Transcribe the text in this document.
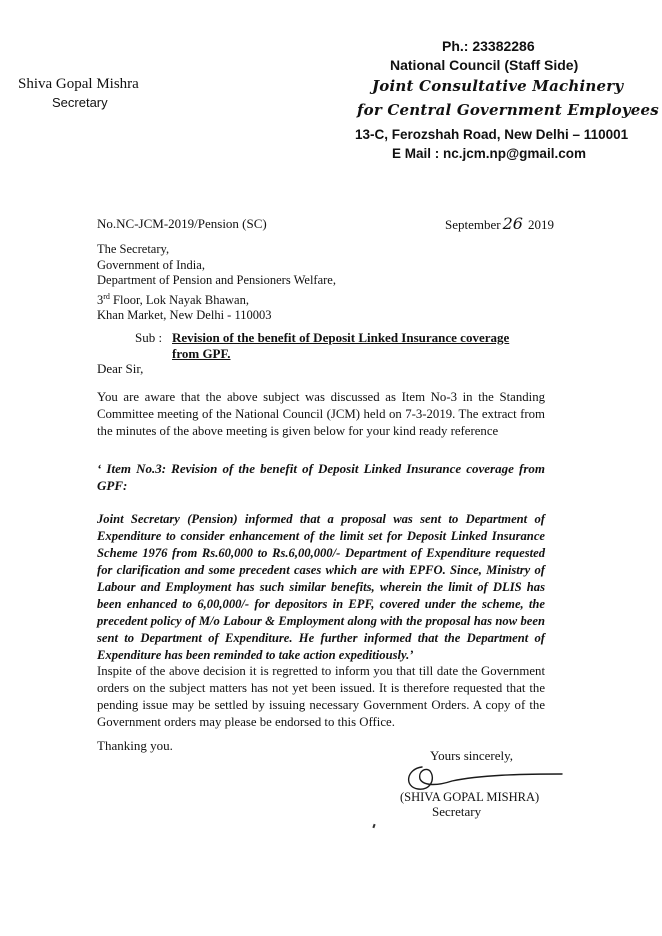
Shiva Gopal Mishra
Secretary
Ph.: 23382286
National Council (Staff Side)
Joint Consultative Machinery
for Central Government Employees
13-C, Ferozshah Road, New Delhi – 110001
E Mail : nc.jcm.np@gmail.com
No.NC-JCM-2019/Pension (SC)	September 26 2019
The Secretary,
Government of India,
Department of Pension and Pensioners Welfare,
3rd Floor, Lok Nayak Bhawan,
Khan Market, New Delhi - 110003
Sub : Revision of the benefit of Deposit Linked Insurance coverage
from GPF.
Dear Sir,
You are aware that the above subject was discussed as Item No-3 in the Standing Committee meeting of the National Council (JCM) held on 7-3-2019. The extract from the minutes of the above meeting is given below for your kind ready reference
‘ Item No.3: Revision of the benefit of Deposit Linked Insurance coverage from GPF:
Joint Secretary (Pension) informed that a proposal was sent to Department of Expenditure to consider enhancement of the limit set for Deposit Linked Insurance Scheme 1976 from Rs.60,000 to Rs.6,00,000/- Department of Expenditure requested for clarification and some precedent cases which are with EPFO. Since, Ministry of Labour and Employment has such similar benefits, wherein the limit of DLIS has been enhanced to 6,00,000/- for depositors in EPF, covered under the scheme, the precedent policy of M/o Labour & Employment along with the proposal has now been sent to Department of Expenditure. He further informed that the Department of Expenditure has been reminded to take action expeditiously.’
Inspite of the above decision it is regretted to inform you that till date the Government orders on the subject matters has not yet been issued. It is therefore requested that the pending issue may be settled by issuing necessary Government Orders. A copy of the Government orders may please be endorsed to this Office.
Thanking you.
Yours sincerely,
(SHIVA GOPAL MISHRA)
Secretary
